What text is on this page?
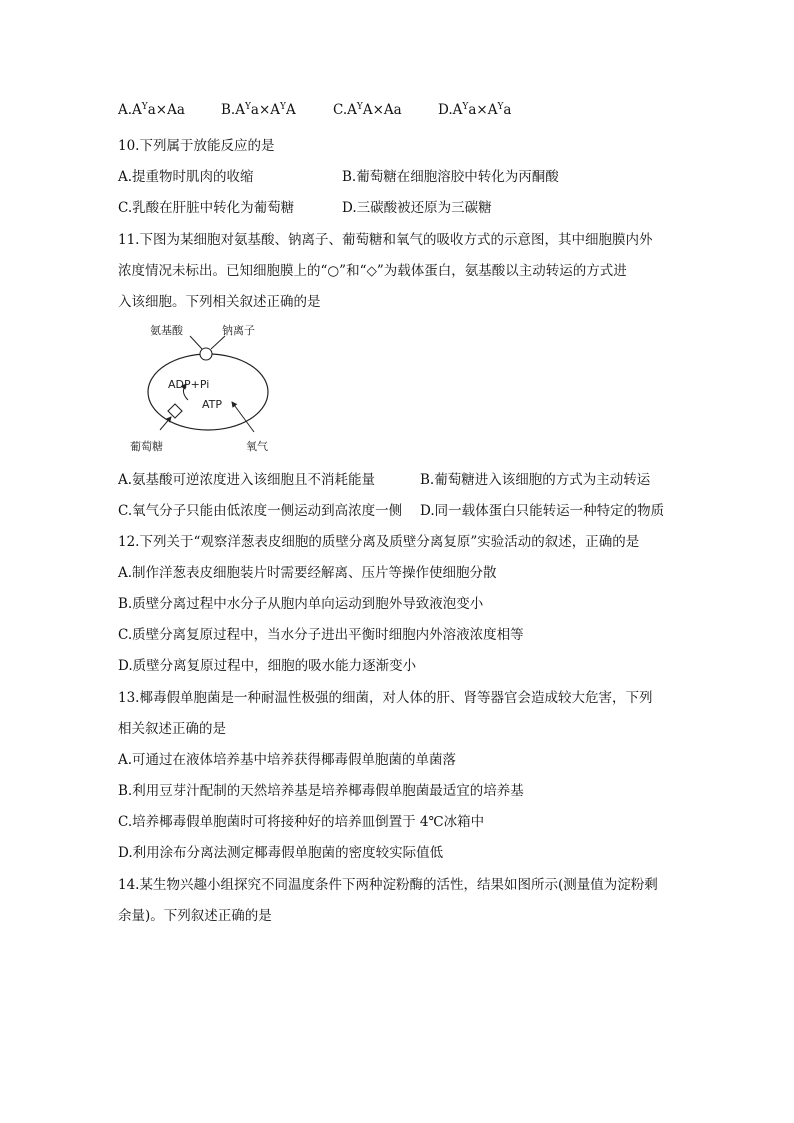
$A.A^Ya\times Aa$	$B.A^Ya\times A^YA$	$C.A^YA\times Aa$	$D.A^Ya\times A^Ya$
10.下列属于放能反应的是
A.提重物时肌肉的收缩	B.葡萄糖在细胞溶胶中转化为丙酮酸
C.乳酸在肝脏中转化为葡萄糖	D.三碳酸被还原为三碳糖
11.下图为某细胞对氨基酸、钠离子、葡萄糖和氧气的吸收方式的示意图，其中细胞膜内外
浓度情况未标出。已知细胞膜上的“○”和“◇”为载体蛋白，氨基酸以主动转运的方式进
入该细胞。下列相关叙述正确的是
氨基酸	钠离子
ADP+Pi
ATP
葡萄糖	氧气
A.氨基酸可逆浓度进入该细胞且不消耗能量	B.葡萄糖进入该细胞的方式为主动转运
C.氧气分子只能由低浓度一侧运动到高浓度一侧 D.同一载体蛋白只能转运一种特定的物质
12.下列关于“观察洋葱表皮细胞的质壁分离及质壁分离复原”实验活动的叙述，正确的是
A.制作洋葱表皮细胞装片时需要经解离、压片等操作使细胞分散
B.质壁分离过程中水分子从胞内单向运动到胞外导致液泡变小
C.质壁分离复原过程中，当水分子进出平衡时细胞内外溶液浓度相等
D.质壁分离复原过程中，细胞的吸水能力逐渐变小
13.椰毒假单胞菌是一种耐温性极强的细菌，对人体的肝、肾等器官会造成较大危害，下列
相关叙述正确的是
A.可通过在液体培养基中培养获得椰毒假单胞菌的单菌落
B.利用豆芽汁配制的天然培养基是培养椰毒假单胞菌最适宜的培养基
C.培养椰毒假单胞菌时可将接种好的培养皿倒置于 4℃冰箱中
D.利用涂布分离法测定椰毒假单胞菌的密度较实际值低
14.某生物兴趣小组探究不同温度条件下两种淀粉酶的活性，结果如图所示(测量值为淀粉剩
余量)。下列叙述正确的是
